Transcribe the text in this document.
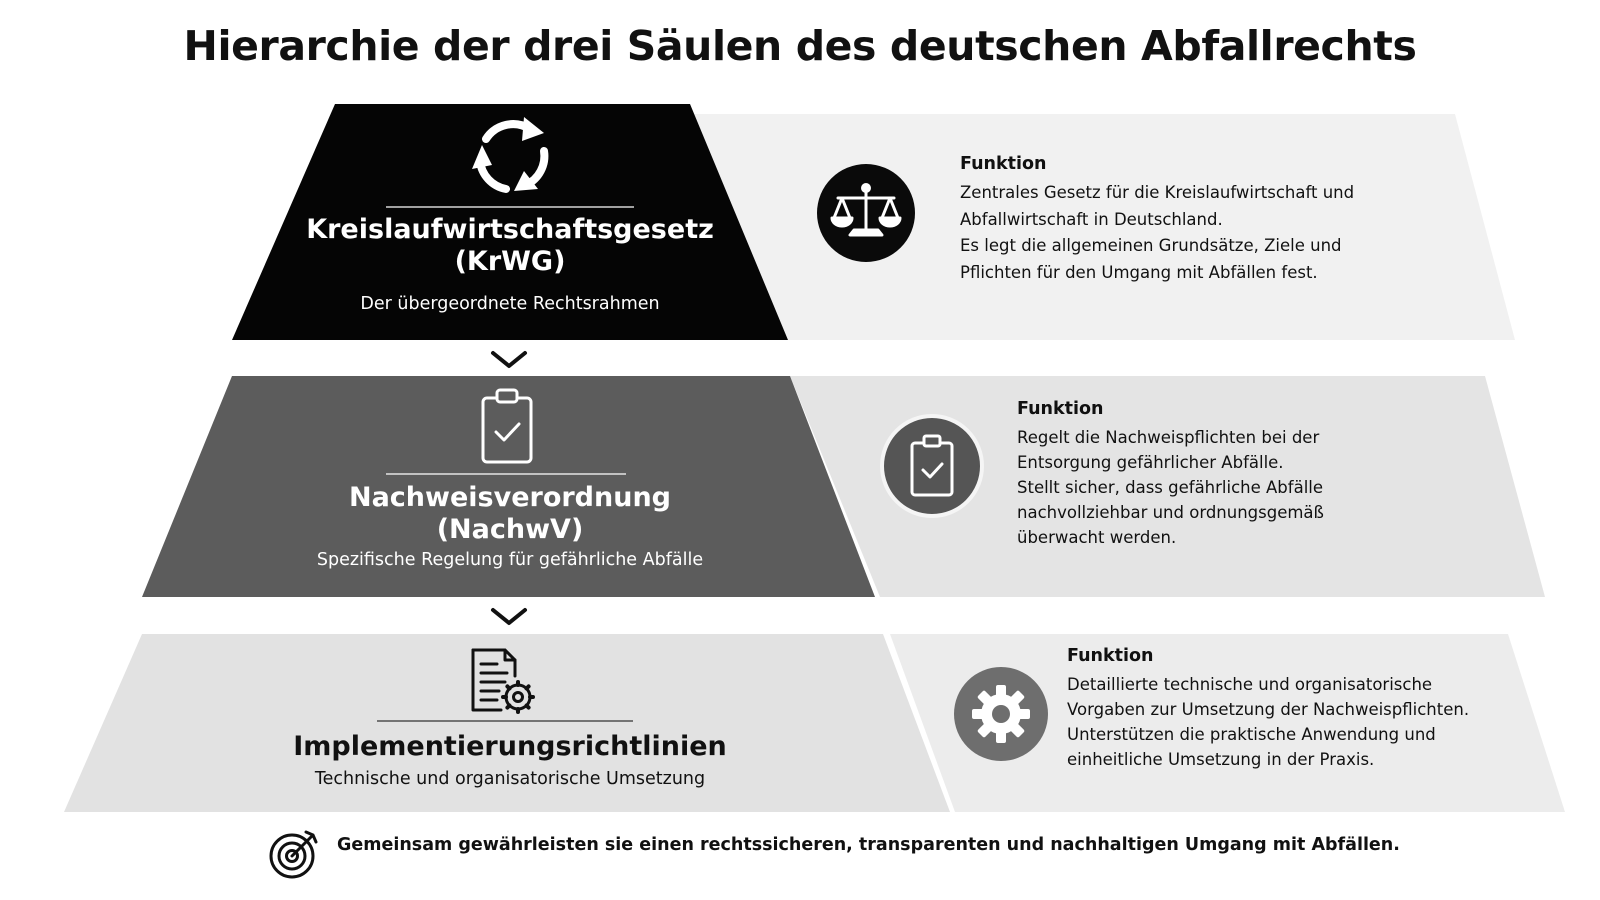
Hierarchie der drei Säulen des deutschen Abfallrechts
Kreislaufwirtschaftsgesetz
(KrWG)
Der übergeordnete Rechtsrahmen
Nachweisverordnung
(NachwV)
Spezifische Regelung für gefährliche Abfälle
Implementierungsrichtlinien
Technische und organisatorische Umsetzung
Funktion
Zentrales Gesetz für die Kreislaufwirtschaft und
Abfallwirtschaft in Deutschland.
Es legt die allgemeinen Grundsätze, Ziele und
Pflichten für den Umgang mit Abfällen fest.
Funktion
Regelt die Nachweispflichten bei der
Entsorgung gefährlicher Abfälle.
Stellt sicher, dass gefährliche Abfälle
nachvollziehbar und ordnungsgemäß
überwacht werden.
Funktion
Detaillierte technische und organisatorische
Vorgaben zur Umsetzung der Nachweispflichten.
Unterstützen die praktische Anwendung und
einheitliche Umsetzung in der Praxis.
Gemeinsam gewährleisten sie einen rechtssicheren, transparenten und nachhaltigen Umgang mit Abfällen.
